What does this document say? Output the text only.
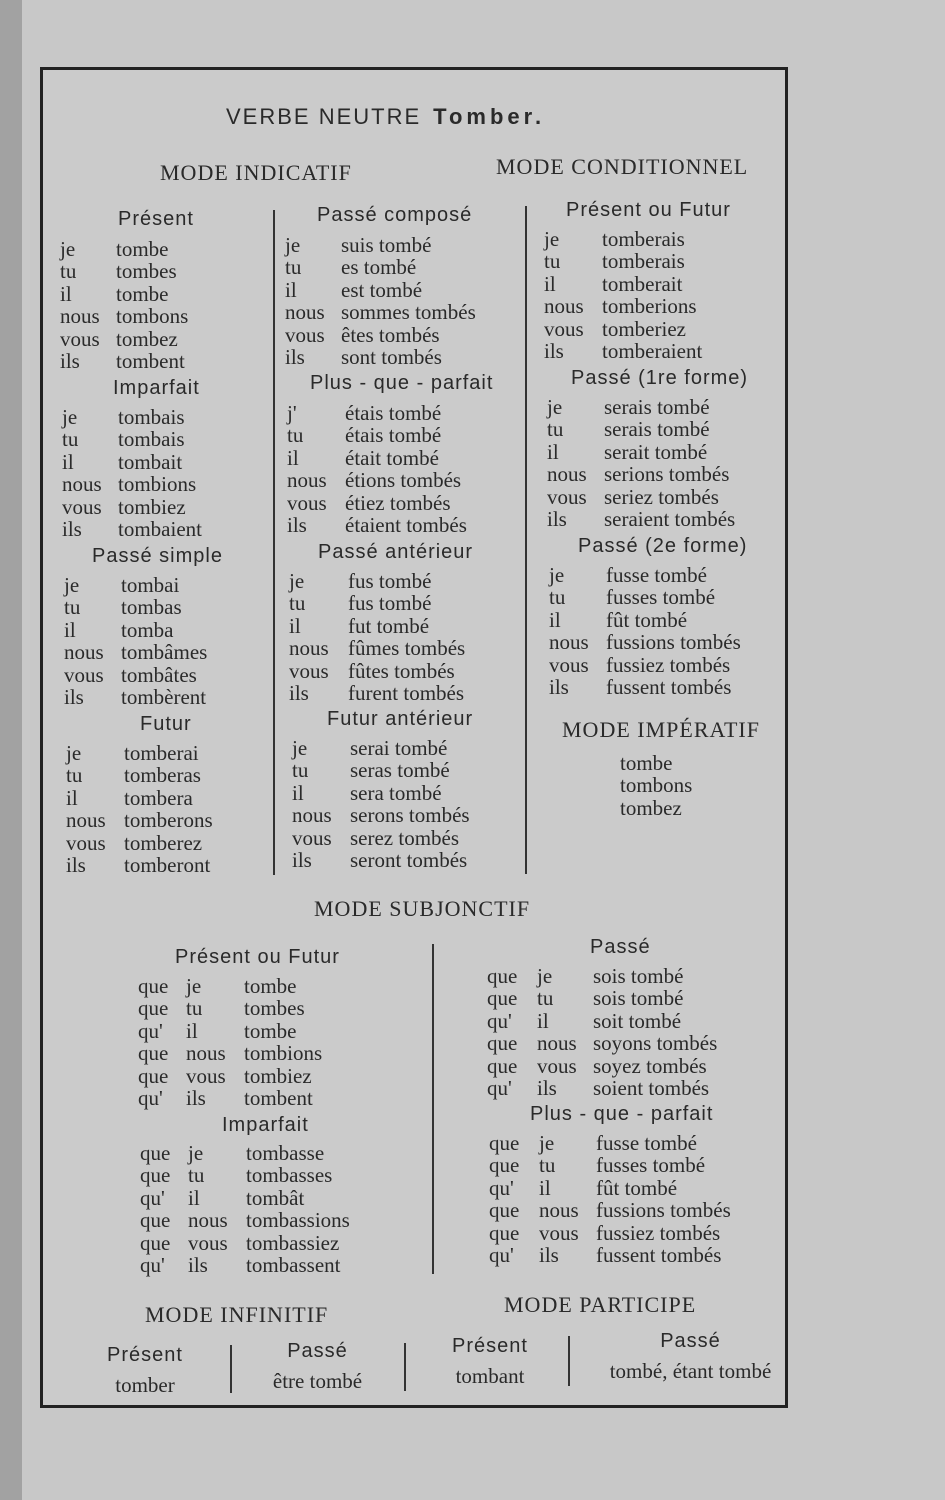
VERBE NEUTRE Tomber.
MODE INDICATIF	MODE CONDITIONNEL
Présent
je	tombe
tu	tombes
il	tombe
nous tombons
vous tombez
ils	tombent
Imparfait
je	tombais
tu	tombais
il	tombait
nous tombions
vous tombiez
ils	tombaient
Passé simple
je	tombai
tu	tombas
il	tomba
nous tombâmes
vous tombâtes
ils	tombèrent
Futur
je	tomberai
tu	tomberas
il	tombera
nous tomberons
vous tomberez
ils	tomberont
Passé composé
je	suis tombé
tu	es tombé
il	est tombé
nous sommes tombés
vous êtes tombés
ils	sont tombés
Plus - que - parfait
j'	étais tombé
tu	étais tombé
il	était tombé
nous étions tombés
vous étiez tombés
ils	étaient tombés
Passé antérieur
je	fus tombé
tu	fus tombé
il	fut tombé
nous fûmes tombés
vous fûtes tombés
ils	furent tombés
Futur antérieur
je	serai tombé
tu	seras tombé
il	sera tombé
nous serons tombés
vous serez tombés
ils	seront tombés
Présent ou Futur
je	tomberais
tu	tomberais
il	tomberait
nous tomberions
vous tomberiez
ils	tomberaient
Passé (1re forme)
je	serais tombé
tu	serais tombé
il	serait tombé
nous serions tombés
vous seriez tombés
ils	seraient tombés
Passé (2e forme)
je	fusse tombé
tu	fusses tombé
il	fût tombé
nous fussions tombés
vous fussiez tombés
ils	fussent tombés
MODE IMPÉRATIF
tombe
tombons
tombez
MODE SUBJONCTIF
Présent ou Futur
que je	tombe
que tu	tombes
qu'	il	tombe
que nous tombions
que vous tombiez
qu'	ils	tombent
Imparfait
que je	tombasse
que tu	tombasses
qu'	il	tombât
que nous tombassions
que vous tombassiez
qu'	ils	tombassent
Passé
que je	sois tombé
que tu	sois tombé
qu'	il	soit tombé
que nous soyons tombés
que vous soyez tombés
qu'	ils	soient tombés
Plus - que - parfait
que je	fusse tombé
que tu	fusses tombé
qu'	il	fût tombé
que nous fussions tombés
que vous fussiez tombés
qu'	ils	fussent tombés
MODE INFINITIF	MODE PARTICIPE
Présent
tomber
Passé
être tombé
Présent
tombant
Passé
tombé, étant tombé
